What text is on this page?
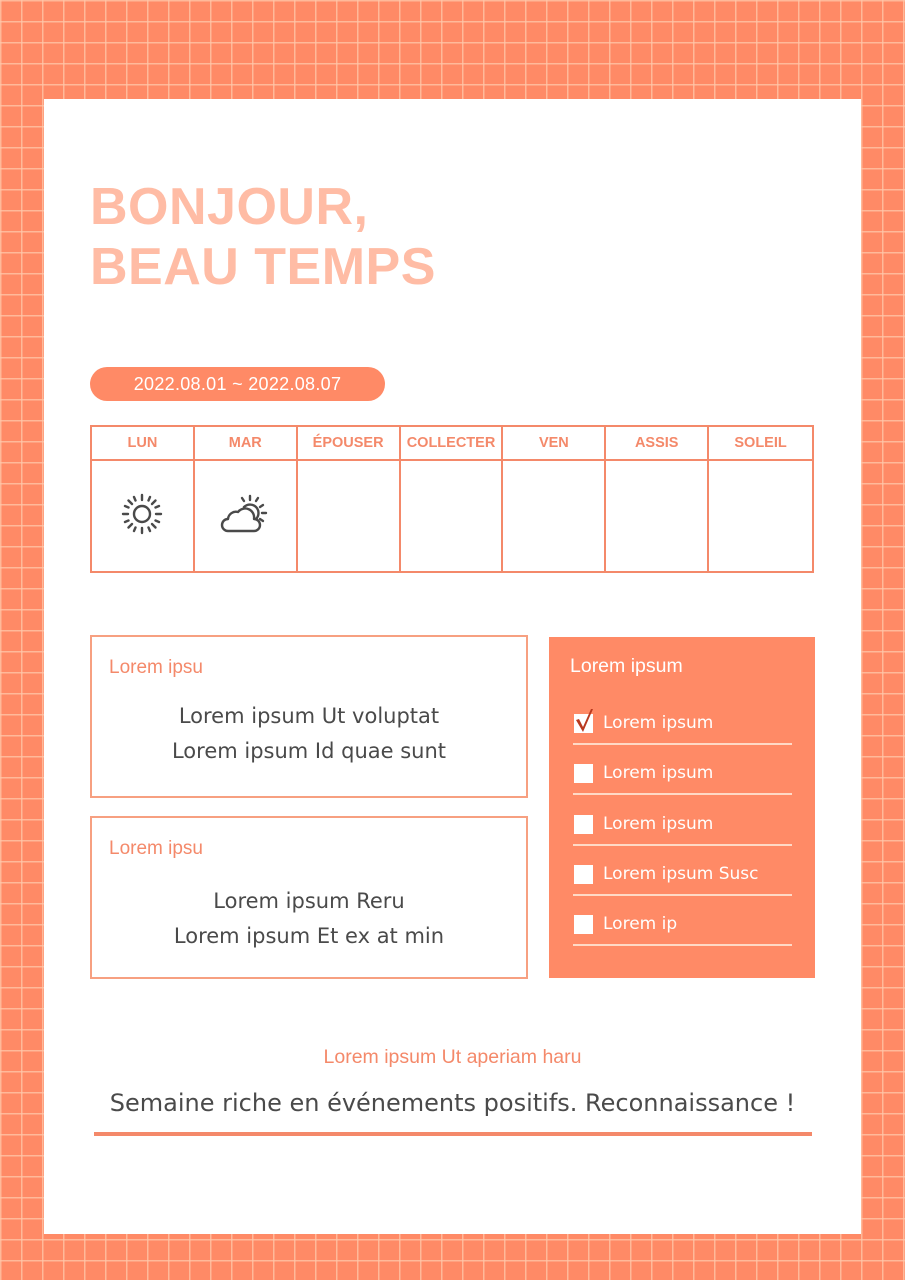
BONJOUR,
BEAU TEMPS
2022.08.01 ~ 2022.08.07
LUN	MAR	ÉPOUSER	COLLECTER	VEN	ASSIS	SOLEIL
Lorem ipsu
Lorem ipsum Ut voluptat
Lorem ipsum Id quae sunt
Lorem ipsu
Lorem ipsum Reru
Lorem ipsum Et ex at min
Lorem ipsum
Lorem ipsum
Lorem ipsum
Lorem ipsum
Lorem ipsum Susc
Lorem ip
Lorem ipsum Ut aperiam haru
Semaine riche en événements positifs. Reconnaissance !
